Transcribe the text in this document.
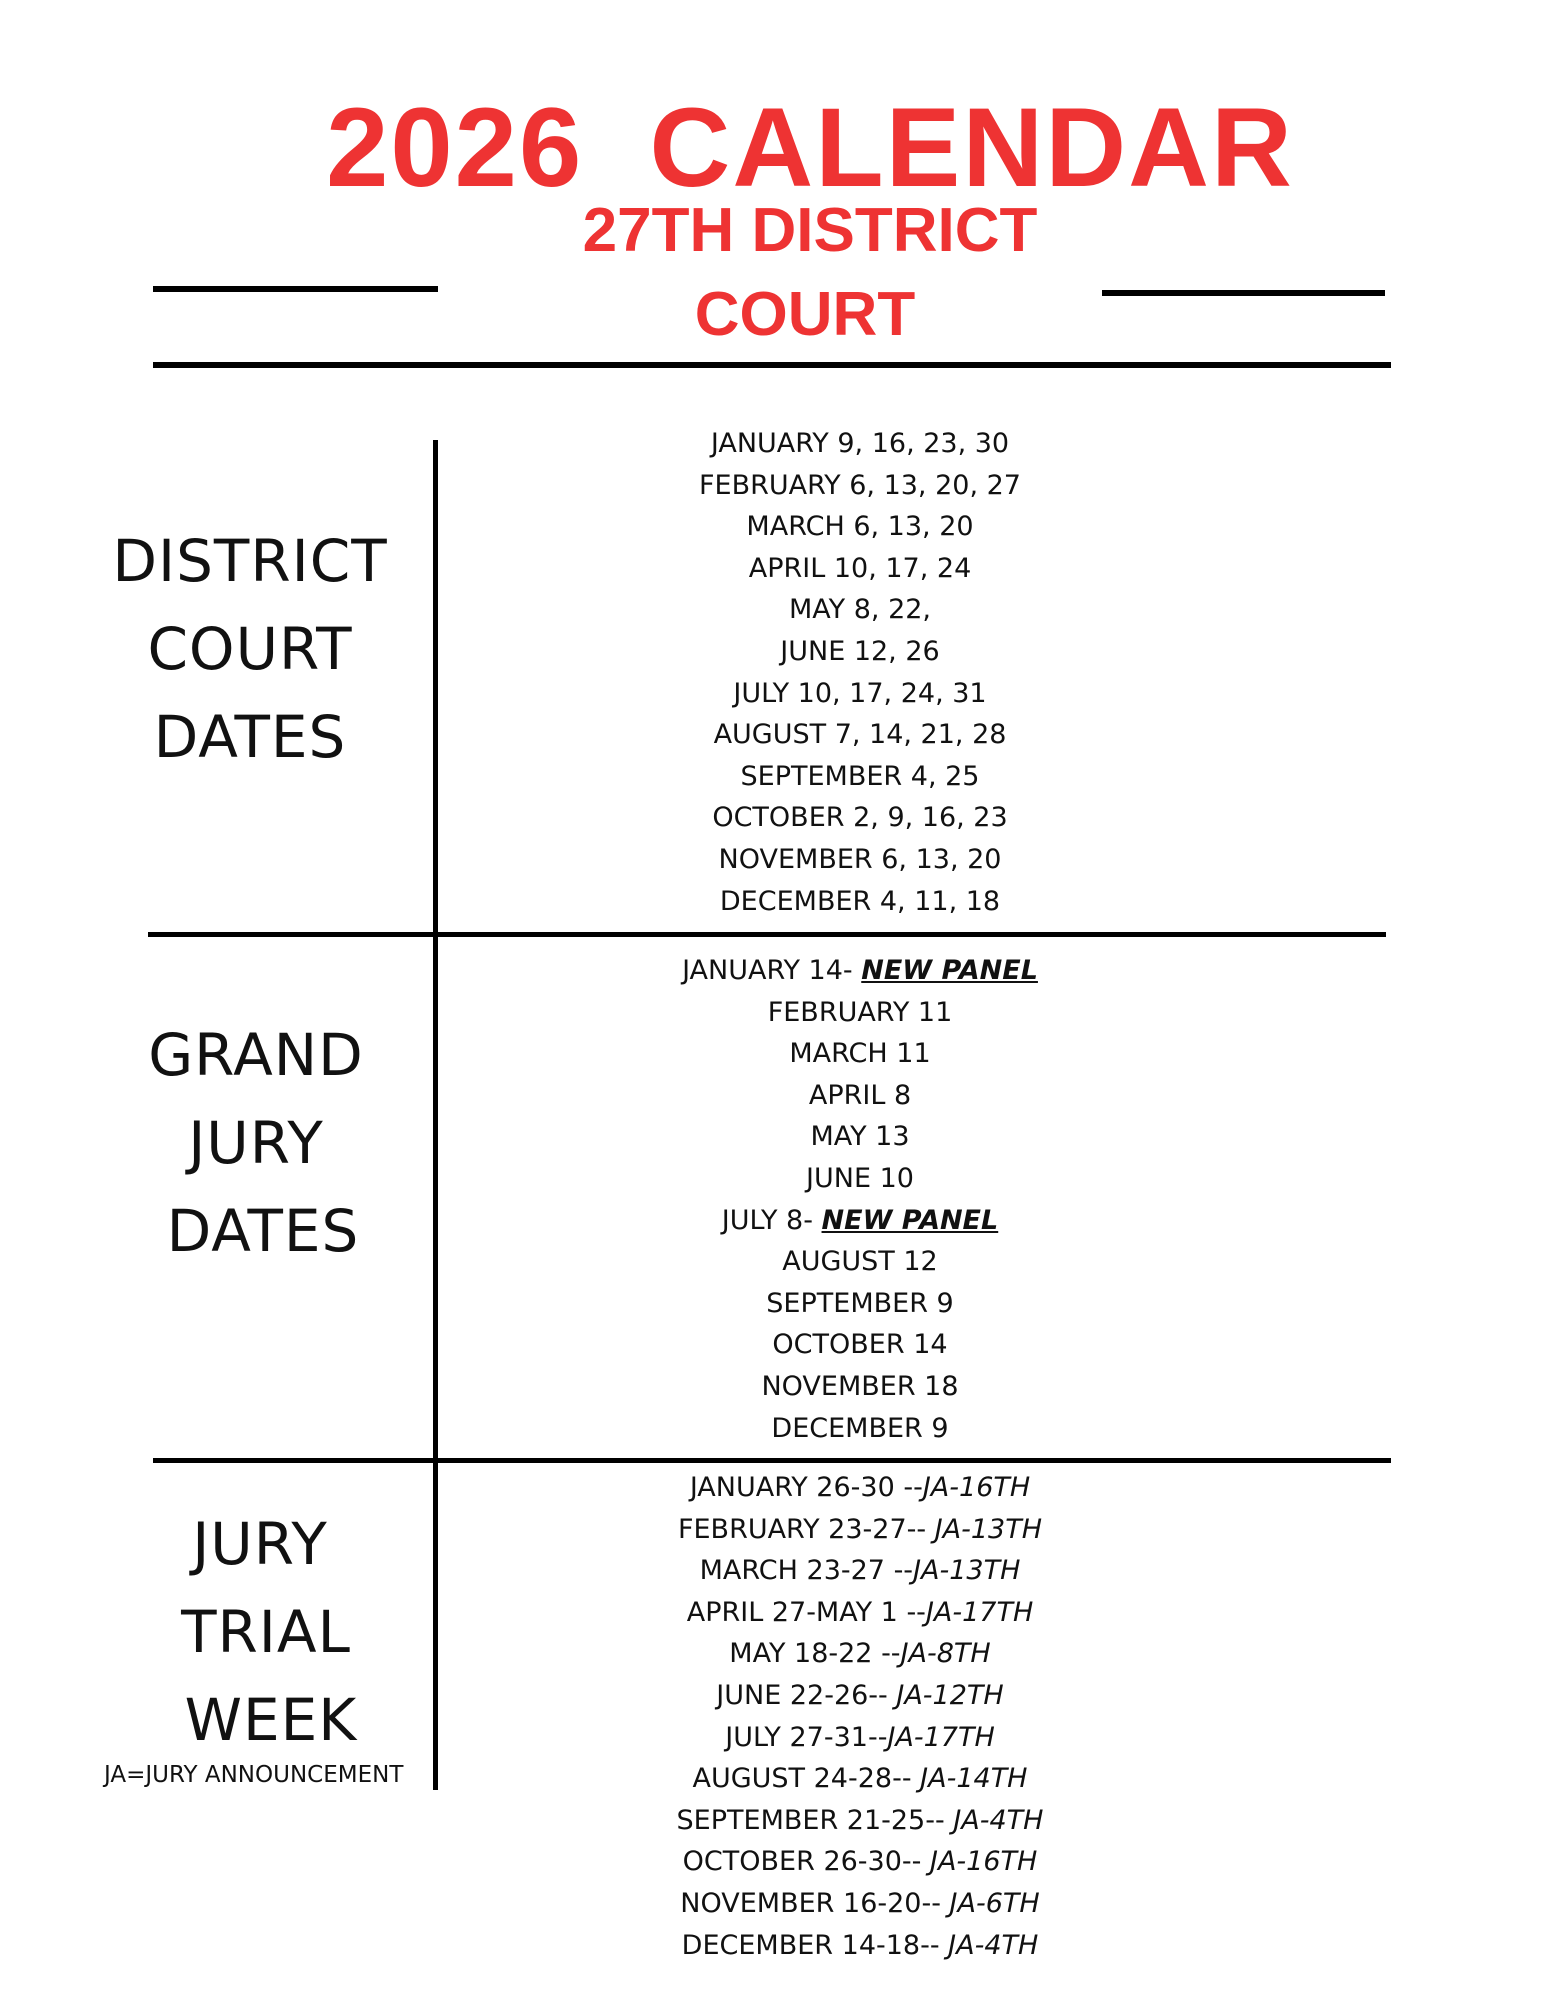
2026  CALENDAR
27TH DISTRICT
COURT
DISTRICT
COURT
DATES
JANUARY 9, 16, 23, 30
FEBRUARY 6, 13, 20, 27
MARCH 6, 13, 20
APRIL 10, 17, 24
MAY 8, 22,
JUNE 12, 26
JULY 10, 17, 24, 31
AUGUST 7, 14, 21, 28
SEPTEMBER 4, 25
OCTOBER 2, 9, 16, 23
NOVEMBER 6, 13, 20
DECEMBER 4, 11, 18
GRAND
JURY
DATES
JANUARY 14- NEW PANEL
FEBRUARY 11
MARCH 11
APRIL 8
MAY 13
JUNE 10
JULY 8- NEW PANEL
AUGUST 12
SEPTEMBER 9
OCTOBER 14
NOVEMBER 18
DECEMBER 9
JURY
TRIAL
WEEK
JA=JURY ANNOUNCEMENT
JANUARY 26-30 --JA-16TH
FEBRUARY 23-27-- JA-13TH
MARCH 23-27 --JA-13TH
APRIL 27-MAY 1 --JA-17TH
MAY 18-22 --JA-8TH
JUNE 22-26-- JA-12TH
JULY 27-31--JA-17TH
AUGUST 24-28-- JA-14TH
SEPTEMBER 21-25-- JA-4TH
OCTOBER 26-30-- JA-16TH
NOVEMBER 16-20-- JA-6TH
DECEMBER 14-18-- JA-4TH
